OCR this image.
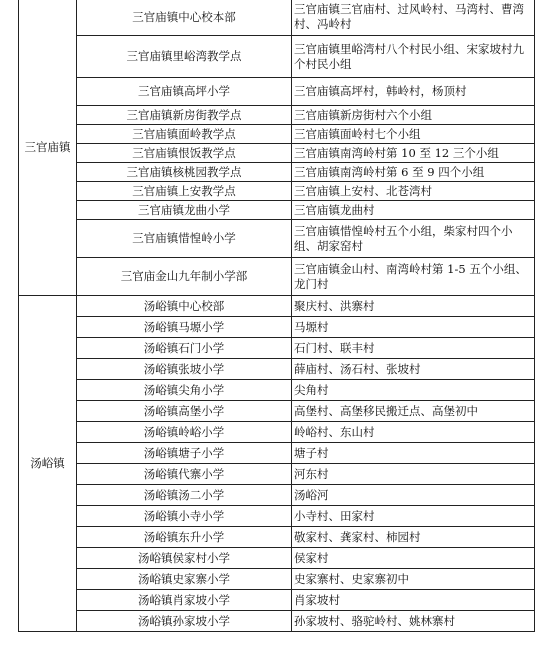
三官庙镇	三官庙镇中心校本部	三官庙镇三官庙村、过风岭村、马湾村、曹湾村、冯岭村
	三官庙镇里峪湾教学点	三官庙镇里峪湾村八个村民小组、宋家坡村九个村民小组
	三官庙镇高坪小学	三官庙镇高坪村，韩岭村，杨顶村
	三官庙镇新房街教学点	三官庙镇新房街村六个小组
	三官庙镇面岭教学点	三官庙镇面岭村七个小组
	三官庙镇恨饭教学点	三官庙镇南湾岭村第 10 至 12 三个小组
	三官庙镇核桃园教学点	三官庙镇南湾岭村第 6 至 9 四个小组
	三官庙镇上安教学点	三官庙镇上安村、北苍湾村
	三官庙镇龙曲小学	三官庙镇龙曲村
	三官庙镇惜惶岭小学	三官庙镇惜惶岭村五个小组，柴家村四个小组、胡家窑村
	三官庙金山九年制小学部	三官庙镇金山村、南湾岭村第 1-5 五个小组、龙门村
汤峪镇	汤峪镇中心校部	聚庆村、洪寨村
	汤峪镇马塬小学	马塬村
	汤峪镇石门小学	石门村、联丰村
	汤峪镇张坡小学	薛庙村、汤石村、张坡村
	汤峪镇尖角小学	尖角村
	汤峪镇高堡小学	高堡村、高堡移民搬迁点、高堡初中
	汤峪镇岭峪小学	岭峪村、东山村
	汤峪镇塘子小学	塘子村
	汤峪镇代寨小学	河东村
	汤峪镇汤二小学	汤峪河
	汤峪镇小寺小学	小寺村、田家村
	汤峪镇东升小学	敬家村、龚家村、柿园村
	汤峪镇侯家村小学	侯家村
	汤峪镇史家寨小学	史家寨村、史家寨初中
	汤峪镇肖家坡小学	肖家坡村
	汤峪镇孙家坡小学	孙家坡村、骆驼岭村、姚林寨村
